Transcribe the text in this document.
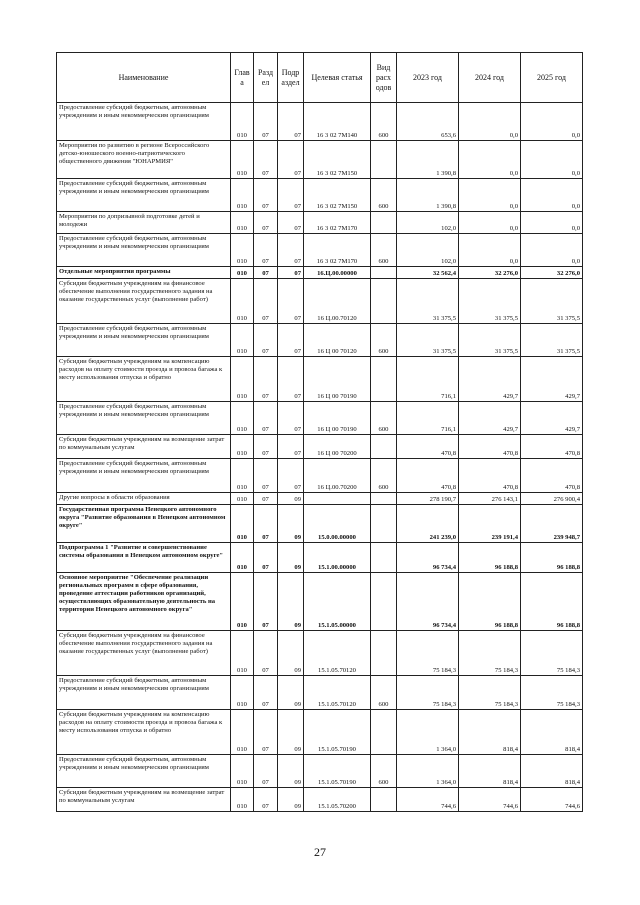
Наименование	Глав а	Разд ел	Подр аздел	Целевая статья	Вид расх одов	2023 год	2024 год	2025 год
Предоставление субсидий бюджетным, автономным учреждениям и иным некоммерческим организациям	010	07	07	16 3 02 7М140	600	653,6	0,0	0,0
Мероприятия по развитию в регионе Всероссийского детско-юношеского военно-патриотического общественного движения "ЮНАРМИЯ"	010	07	07	16 3 02 7М150		1 390,8	0,0	0,0
Предоставление субсидий бюджетным, автономным учреждениям и иным некоммерческим организациям	010	07	07	16 3 02 7М150	600	1 390,8	0,0	0,0
Мероприятия по допризывной подготовке детей и молодежи	010	07	07	16 3 02 7М170		102,0	0,0	0,0
Предоставление субсидий бюджетным, автономным учреждениям и иным некоммерческим организациям	010	07	07	16 3 02 7М170	600	102,0	0,0	0,0
Отдельные мероприятия программы	010	07	07	16.Ц.00.00000		32 562,4	32 276,0	32 276,0
Субсидии бюджетным учреждениям на финансовое обеспечение выполнения государственного задания на оказание государственных услуг (выполнение работ)	010	07	07	16 Ц.00.70120		31 375,5	31 375,5	31 375,5
Предоставление субсидий бюджетным, автономным учреждениям и иным некоммерческим организациям	010	07	07	16 Ц 00 70120	600	31 375,5	31 375,5	31 375,5
Субсидии бюджетным учреждениям на компенсацию расходов на оплату стоимости проезда и провоза багажа к месту использования отпуска и обратно	010	07	07	16 Ц 00 70190		716,1	429,7	429,7
Предоставление субсидий бюджетным, автономным учреждениям и иным некоммерческим организациям	010	07	07	16 Ц 00 70190	600	716,1	429,7	429,7
Субсидии бюджетным учреждениям на возмещение затрат по коммунальным услугам	010	07	07	16 Ц 00 70200		470,8	470,8	470,8
Предоставление субсидий бюджетным, автономным учреждениям и иным некоммерческим организациям	010	07	07	16 Ц.00.70200	600	470,8	470,8	470,8
Другие вопросы в области образования	010	07	09			278 190,7	276 143,1	276 900,4
Государственная программа Ненецкого автономного округа "Развитие образования в Ненецком автономном округе"	010	07	09	15.0.00.00000		241 239,0	239 191,4	239 948,7
Подпрограмма 1 "Развитие и совершенствование системы образования в Ненецком автономном округе"	010	07	09	15.1.00.00000		96 734,4	96 188,8	96 188,8
Основное мероприятие "Обеспечение реализации региональных программ в сфере образования, проведение аттестации работников организаций, осуществляющих образовательную деятельность на территории Ненецкого автономного округа"	010	07	09	15.1.05.00000		96 734,4	96 188,8	96 188,8
Субсидии бюджетным учреждениям на финансовое обеспечение выполнения государственного задания на оказание государственных услуг (выполнение работ)	010	07	09	15.1.05.70120		75 184,3	75 184,3	75 184,3
Предоставление субсидий бюджетным, автономным учреждениям и иным некоммерческим организациям	010	07	09	15.1.05.70120	600	75 184,3	75 184,3	75 184,3
Субсидии бюджетным учреждениям на компенсацию расходов на оплату стоимости проезда и провоза багажа к месту использования отпуска и обратно	010	07	09	15.1.05.70190		1 364,0	818,4	818,4
Предоставление субсидий бюджетным, автономным учреждениям и иным некоммерческим организациям	010	07	09	15.1.05.70190	600	1 364,0	818,4	818,4
Субсидии бюджетным учреждениям на возмещение затрат по коммунальным услугам	010	07	09	15.1.05.70200		744,6	744,6	744,6
27
